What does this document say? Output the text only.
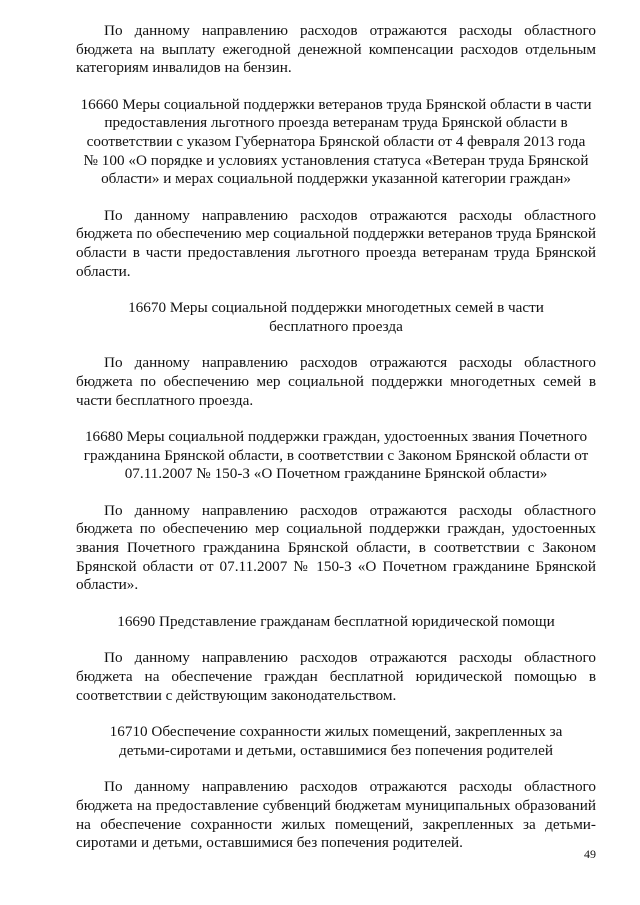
По данному направлению расходов отражаются расходы областного бюджета на выплату ежегодной денежной компенсации расходов отдельным категориям инвалидов на бензин.

16660 Меры социальной поддержки ветеранов труда Брянской области в части предоставления льготного проезда ветеранам труда Брянской области в соответствии с указом Губернатора Брянской области от 4 февраля 2013 года № 100 «О порядке и условиях установления статуса «Ветеран труда Брянской области» и мерах социальной поддержки указанной категории граждан»

По данному направлению расходов отражаются расходы областного бюджета по обеспечению мер социальной поддержки ветеранов труда Брянской области в части предоставления льготного проезда ветеранам труда Брянской области.

16670 Меры социальной поддержки многодетных семей в части бесплатного проезда

По данному направлению расходов отражаются расходы областного бюджета по обеспечению мер социальной поддержки многодетных семей в части бесплатного проезда.

16680 Меры социальной поддержки граждан, удостоенных звания Почетного гражданина Брянской области, в соответствии с Законом Брянской области от 07.11.2007 № 150-З «О Почетном гражданине Брянской области»

По данному направлению расходов отражаются расходы областного бюджета по обеспечению мер социальной поддержки граждан, удостоенных звания Почетного гражданина Брянской области, в соответствии с Законом Брянской области от 07.11.2007 № 150-З «О Почетном гражданине Брянской области».

16690 Представление гражданам бесплатной юридической помощи

По данному направлению расходов отражаются расходы областного бюджета на обеспечение граждан бесплатной юридической помощью в соответствии с действующим законодательством.

16710 Обеспечение сохранности жилых помещений, закрепленных за детьми-сиротами и детьми, оставшимися без попечения родителей

По данному направлению расходов отражаются расходы областного бюджета на предоставление субвенций бюджетам муниципальных образований на обеспечение сохранности жилых помещений, закрепленных за детьми-сиротами и детьми, оставшимися без попечения родителей.

49
